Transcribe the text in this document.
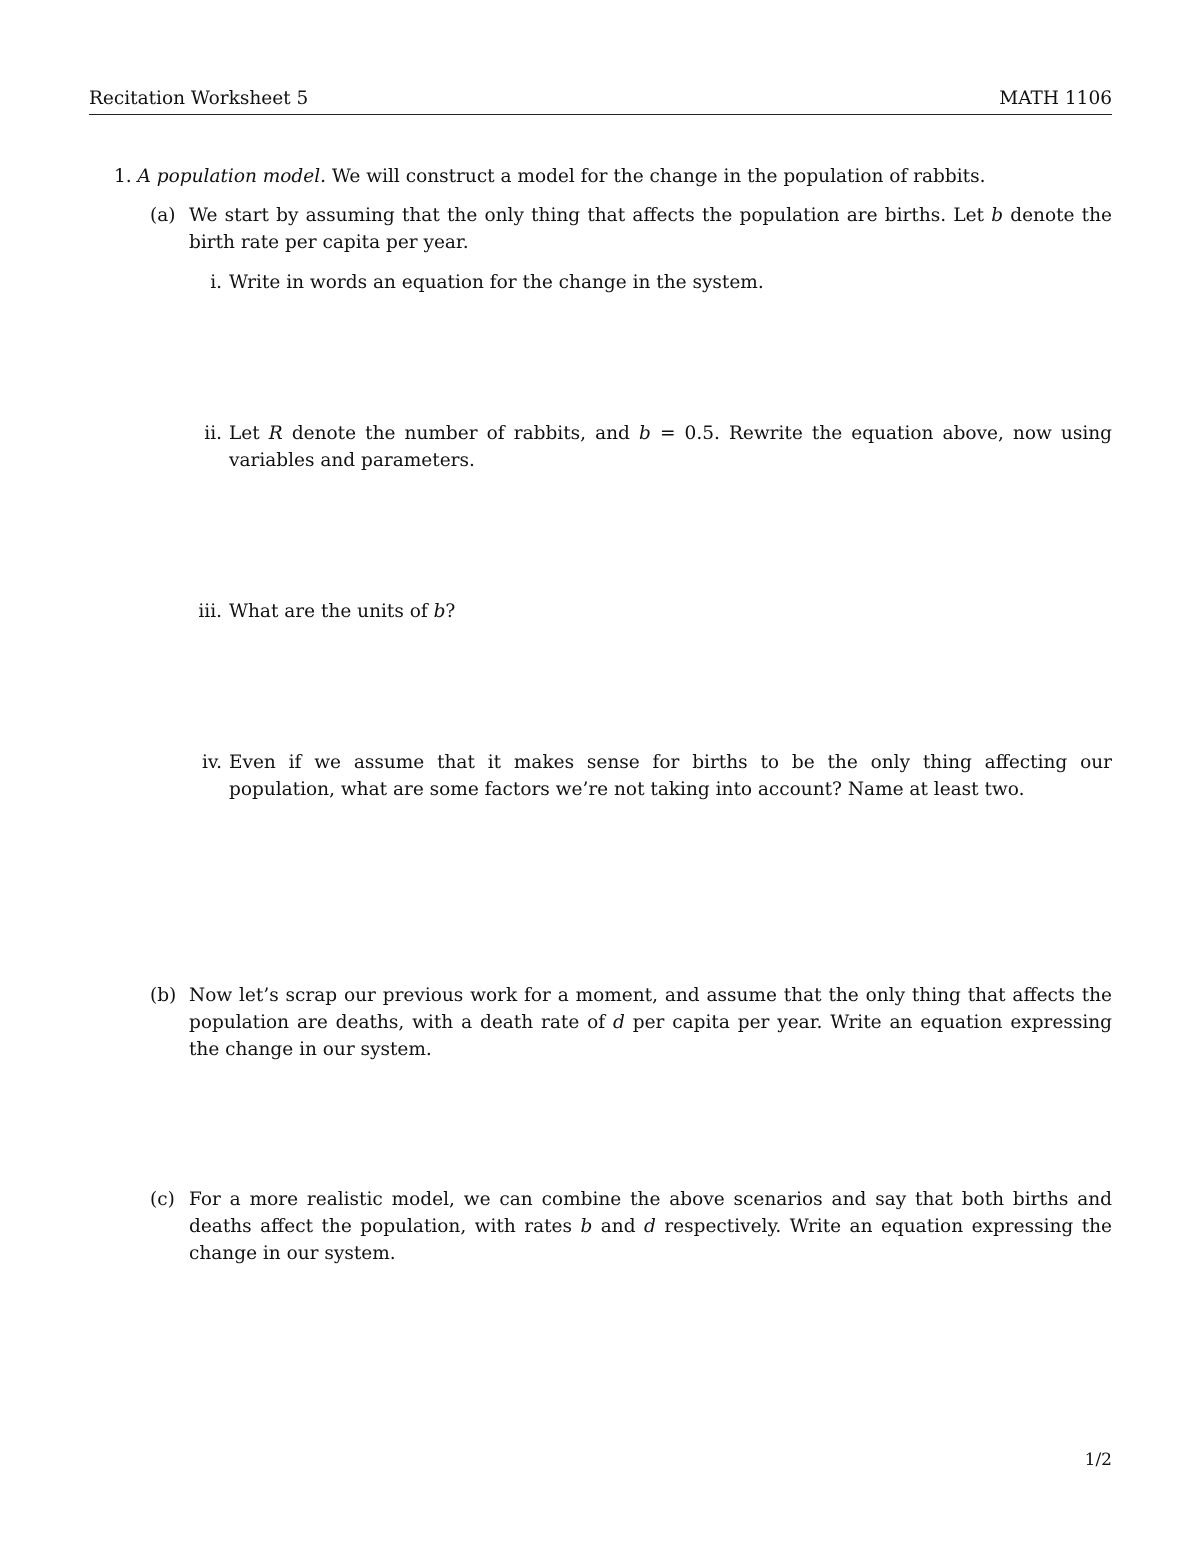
Recitation Worksheet 5	MATH 1106
1. A population model. We will construct a model for the change in the population of rabbits.
(a) We start by assuming that the only thing that affects the population are births. Let b denote the birth rate per capita per year.
i. Write in words an equation for the change in the system.
ii. Let R denote the number of rabbits, and b = 0.5. Rewrite the equation above, now using variables and parameters.
iii. What are the units of b?
iv. Even if we assume that it makes sense for births to be the only thing affecting our population, what are some factors we’re not taking into account? Name at least two.
(b) Now let’s scrap our previous work for a moment, and assume that the only thing that affects the population are deaths, with a death rate of d per capita per year. Write an equation expressing the change in our system.
(c) For a more realistic model, we can combine the above scenarios and say that both births and deaths affect the population, with rates b and d respectively. Write an equation expressing the change in our system.
1/2
